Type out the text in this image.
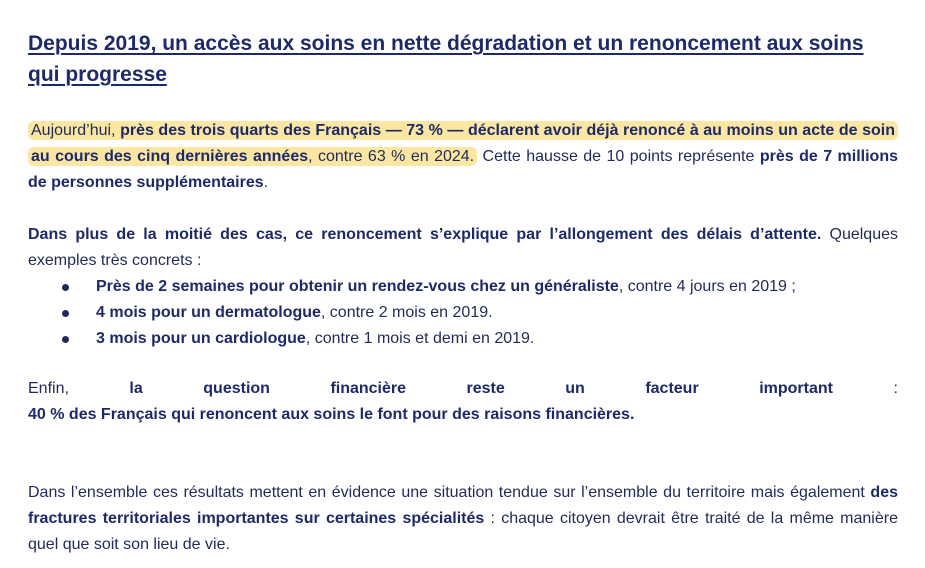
Depuis 2019, un accès aux soins en nette dégradation et un renoncement aux soins qui progresse

Aujourd’hui, près des trois quarts des Français — 73 % — déclarent avoir déjà renoncé à au moins un acte de soin au cours des cinq dernières années, contre 63 % en 2024. Cette hausse de 10 points représente près de 7 millions de personnes supplémentaires.

Dans plus de la moitié des cas, ce renoncement s’explique par l’allongement des délais d’attente. Quelques exemples très concrets :

Près de 2 semaines pour obtenir un rendez-vous chez un généraliste, contre 4 jours en 2019 ;
4 mois pour un dermatologue, contre 2 mois en 2019.
3 mois pour un cardiologue, contre 1 mois et demi en 2019.
Enfin,	la	question	financière	reste	un	facteur	important	:

40 % des Français qui renoncent aux soins le font pour des raisons financières.

Dans l’ensemble ces résultats mettent en évidence une situation tendue sur l’ensemble du territoire mais également des fractures territoriales importantes sur certaines spécialités : chaque citoyen devrait être traité de la même manière quel que soit son lieu de vie.
